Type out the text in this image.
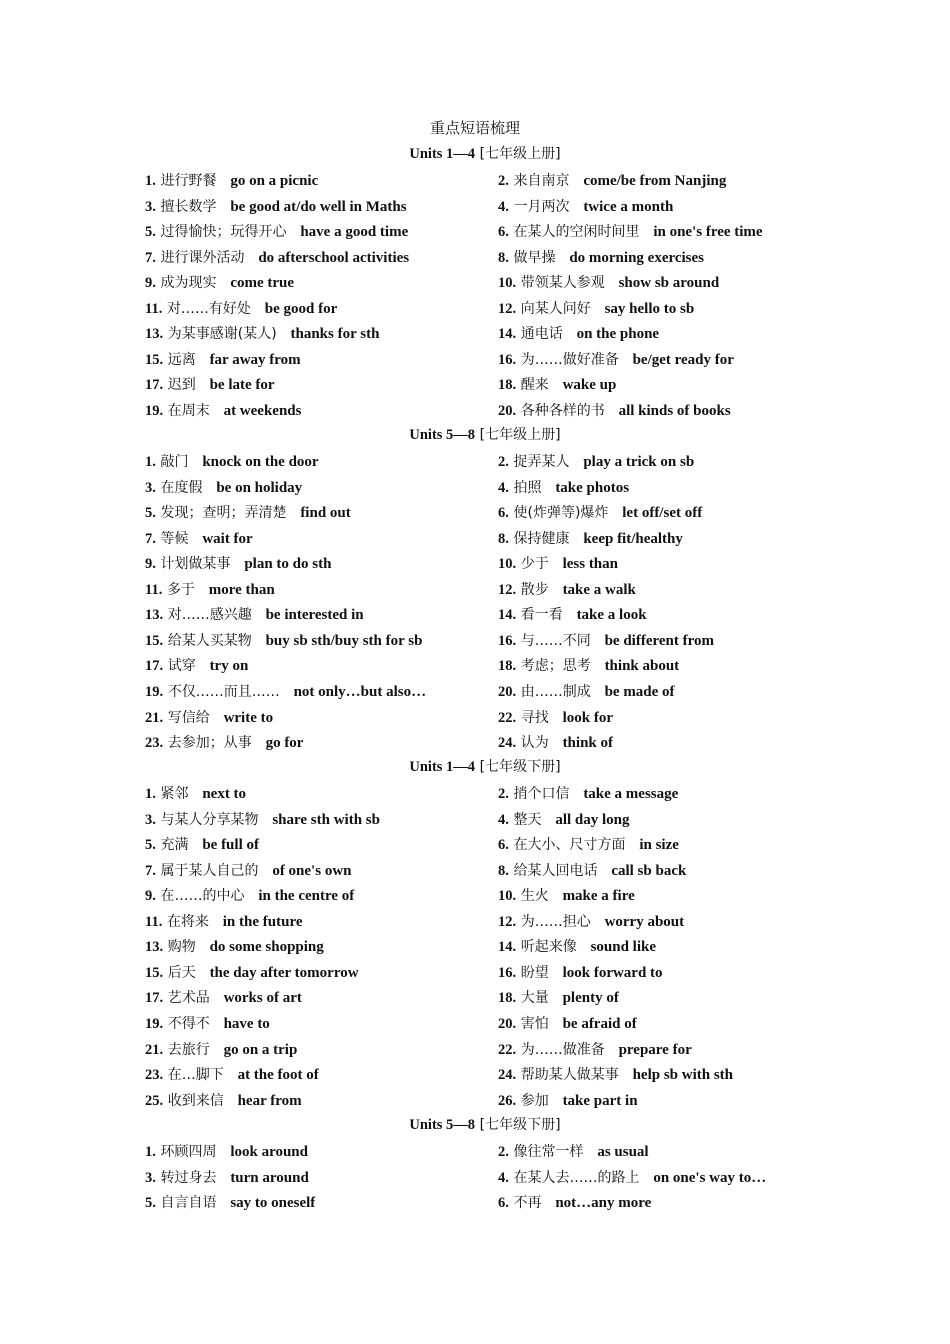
重点短语梳理
Units 1—4 [七年级上册]
1. 进行野餐 go on a picnic	2. 来自南京 come/be from Nanjing
3. 擅长数学 be good at/do well in Maths	4. 一月两次 twice a month
5. 过得愉快；玩得开心 have a good time	6. 在某人的空闲时间里 in one's free time
7. 进行课外活动 do afterschool activities	8. 做早操 do morning exercises
9. 成为现实 come true	10. 带领某人参观 show sb around
11. 对……有好处 be good for	12. 向某人问好 say hello to sb
13. 为某事感谢(某人) thanks for sth	14. 通电话 on the phone
15. 远离 far away from	16. 为……做好准备 be/get ready for
17. 迟到 be late for	18. 醒来 wake up
19. 在周末 at weekends	20. 各种各样的书 all kinds of books
Units 5—8 [七年级上册]
1. 敲门 knock on the door	2. 捉弄某人 play a trick on sb
3. 在度假 be on holiday	4. 拍照 take photos
5. 发现；查明；弄清楚 find out	6. 使(炸弹等)爆炸 let off/set off
7. 等候 wait for	8. 保持健康 keep fit/healthy
9. 计划做某事 plan to do sth	10. 少于 less than
11. 多于 more than	12. 散步 take a walk
13. 对……感兴趣 be interested in	14. 看一看 take a look
15. 给某人买某物 buy sb sth/buy sth for sb	16. 与……不同 be different from
17. 试穿 try on	18. 考虑；思考 think about
19. 不仅……而且…… not only…but also…	20. 由……制成 be made of
21. 写信给 write to	22. 寻找 look for
23. 去参加；从事 go for	24. 认为 think of
Units 1—4 [七年级下册]
1. 紧邻 next to	2. 捎个口信 take a message
3. 与某人分享某物 share sth with sb	4. 整天 all day long
5. 充满 be full of	6. 在大小、尺寸方面 in size
7. 属于某人自己的 of one's own	8. 给某人回电话 call sb back
9. 在……的中心 in the centre of	10. 生火 make a fire
11. 在将来 in the future	12. 为……担心 worry about
13. 购物 do some shopping	14. 听起来像 sound like
15. 后天 the day after tomorrow	16. 盼望 look forward to
17. 艺术品 works of art	18. 大量 plenty of
19. 不得不 have to	20. 害怕 be afraid of
21. 去旅行 go on a trip	22. 为……做准备 prepare for
23. 在…脚下 at the foot of	24. 帮助某人做某事 help sb with sth
25. 收到来信 hear from	26. 参加 take part in
Units 5—8 [七年级下册]
1. 环顾四周 look around	2. 像往常一样 as usual
3. 转过身去 turn around	4. 在某人去……的路上 on one's way to…
5. 自言自语 say to oneself	6. 不再 not…any more
